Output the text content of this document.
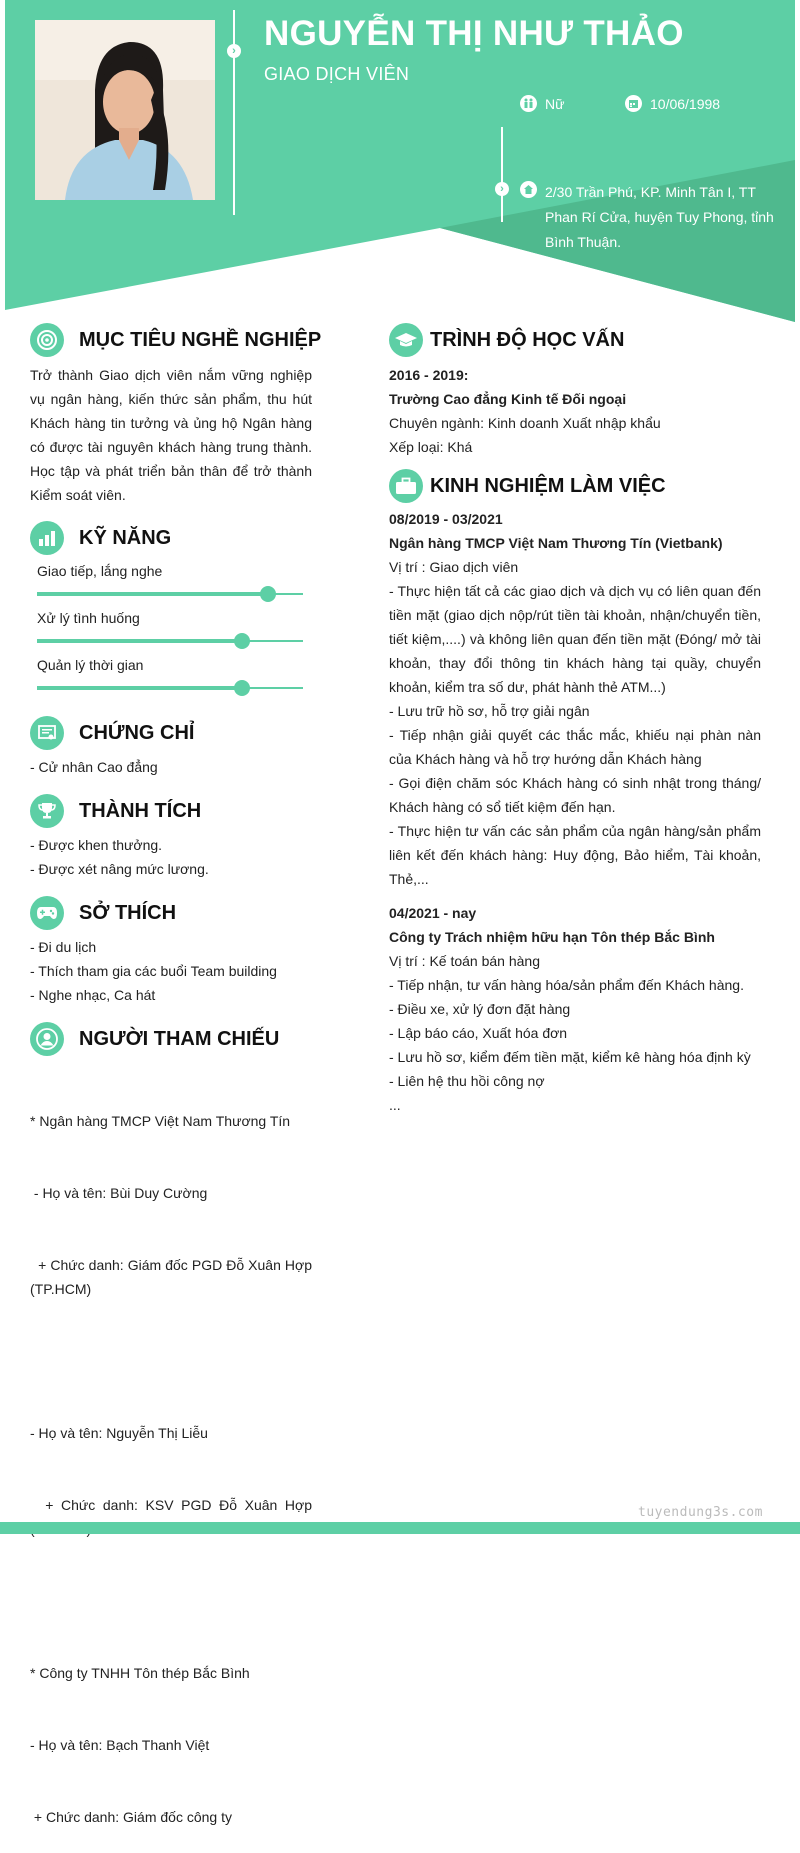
› NGUYỄN THỊ NHƯ THẢO
GIAO DỊCH VIÊN
Nữ	10/06/1998
›	2/30 Trần Phú, KP. Minh Tân I, TT Phan Rí Cửa, huyện Tuy Phong, tỉnh Bình Thuận.
MỤC TIÊU NGHỀ NGHIỆP
Trở thành Giao dịch viên nắm vững nghiệp vụ ngân hàng, kiến thức sản phẩm, thu hút Khách hàng tin tưởng và ủng hộ Ngân hàng có được tài nguyên khách hàng trung thành. Học tập và phát triển bản thân để trở thành Kiểm soát viên.
KỸ NĂNG
Giao tiếp, lắng nghe
Xử lý tình huống
Quản lý thời gian
CHỨNG CHỈ
- Cử nhân Cao đẳng
THÀNH TÍCH
- Được khen thưởng.
- Được xét nâng mức lương.
SỞ THÍCH
- Đi du lịch
- Thích tham gia các buổi Team building
- Nghe nhạc, Ca hát
NGƯỜI THAM CHIẾU

* Ngân hàng TMCP Việt Nam Thương Tín

- Họ và tên: Bùi Duy Cường

+ Chức danh: Giám đốc PGD Đỗ Xuân Hợp (TP.HCM)

- Họ và tên: Nguyễn Thị Liễu

+ Chức danh: KSV PGD Đỗ Xuân Hợp

* Công ty TNHH Tôn thép Bắc Bình

- Họ và tên: Bạch Thanh Việt

+ Chức danh: Giám đốc công ty

TRÌNH ĐỘ HỌC VẤN
2016 - 2019:
Trường Cao đẳng Kinh tế Đối ngoại
Chuyên ngành: Kinh doanh Xuất nhập khẩu
Xếp loại: Khá
KINH NGHIỆM LÀM VIỆC
08/2019 - 03/2021
Ngân hàng TMCP Việt Nam Thương Tín (Vietbank)
Vị trí : Giao dịch viên
- Thực hiện tất cả các giao dịch và dịch vụ có liên quan đến tiền mặt (giao dịch nộp/rút tiền tài khoản, nhận/chuyển tiền, tiết kiệm,....) và không liên quan đến tiền mặt (Đóng/ mở tài khoản, thay đổi thông tin khách hàng tại quầy, chuyển khoản, kiểm tra số dư, phát hành thẻ ATM...)
- Lưu trữ hồ sơ, hỗ trợ giải ngân
- Tiếp nhận giải quyết các thắc mắc, khiếu nại phàn nàn của Khách hàng và hỗ trợ hướng dẫn Khách hàng
- Gọi điện chăm sóc Khách hàng có sinh nhật trong tháng/ Khách hàng có sổ tiết kiệm đến hạn.
- Thực hiện tư vấn các sản phẩm của ngân hàng/sản phẩm liên kết đến khách hàng: Huy động, Bảo hiểm, Tài khoản, Thẻ,...
04/2021 - nay
Công ty Trách nhiệm hữu hạn Tôn thép Bắc Bình
Vị trí : Kế toán bán hàng
- Tiếp nhận, tư vấn hàng hóa/sản phẩm đến Khách hàng.
- Điều xe, xử lý đơn đặt hàng
- Lập báo cáo, Xuất hóa đơn
- Lưu hồ sơ, kiểm đếm tiền mặt, kiểm kê hàng hóa định kỳ
- Liên hệ thu hồi công nợ
...
tuyendung3s.com
